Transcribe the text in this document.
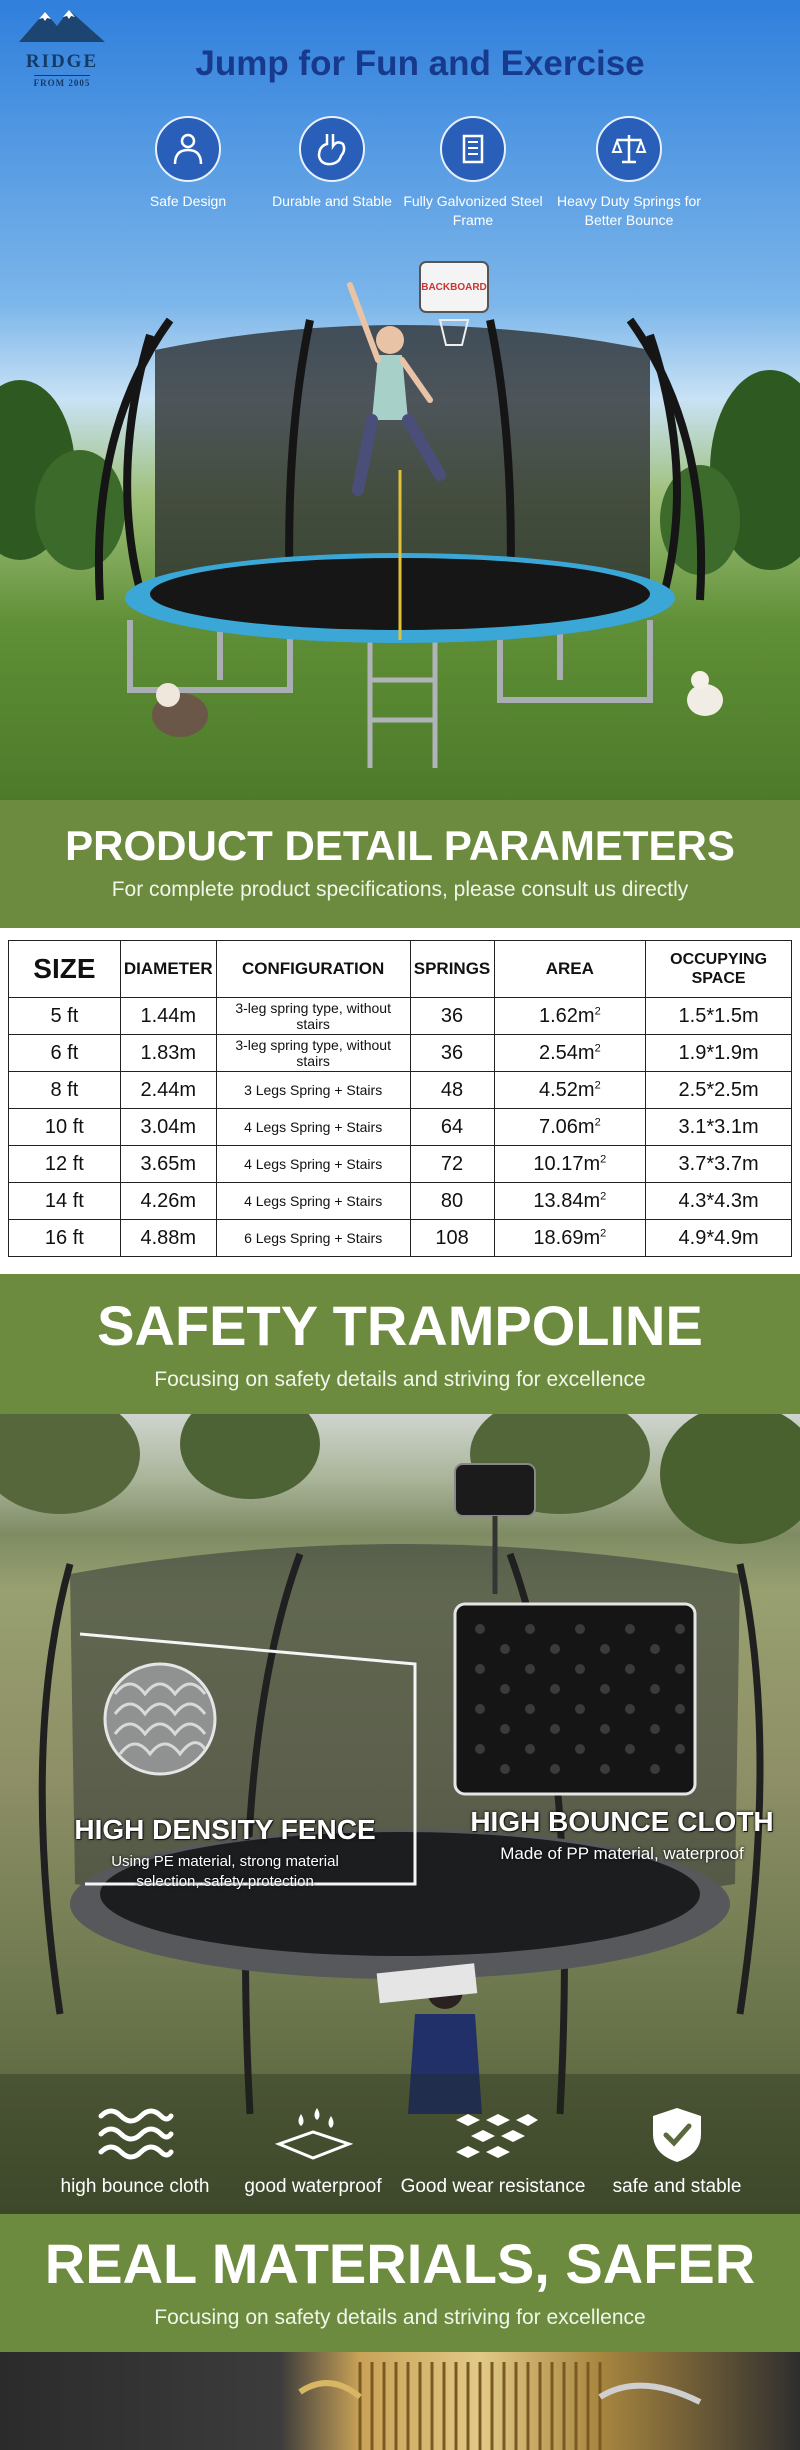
BACKBOARD
RIDGE
FROM 2005	Jump for Fun and Exercise
Safe Design	Durable and Stable Fully Galvonized Steel Frame
Heavy Duty Springs for Better Bounce
PRODUCT DETAIL PARAMETERS
For complete product specifications, please consult us directly
SIZE	DIAMETER	CONFIGURATION	SPRINGS	AREA	OCCUPYING SPACE
5 ft	1.44m	3-leg spring type, without stairs	36	$1.62m^2$	1.5*1.5m
6 ft	1.83m	3-leg spring type, without stairs	36	$2.54m^2$	1.9*1.9m
8 ft	2.44m	3 Legs Spring + Stairs	48	$4.52m^2$	2.5*2.5m
10 ft	3.04m	4 Legs Spring + Stairs	64	$7.06m^2$	3.1*3.1m
12 ft	3.65m	4 Legs Spring + Stairs	72	$10.17m^2$	3.7*3.7m
14 ft	4.26m	4 Legs Spring + Stairs	80	$13.84m^2$	4.3*4.3m
16 ft	4.88m	6 Legs Spring + Stairs	108	$18.69m^2$	4.9*4.9m
SAFETY TRAMPOLINE
Focusing on safety details and striving for excellence
HIGH DENSITY FENCE
Using PE material, strong material selection, safety protection
HIGH BOUNCE CLOTH
Made of PP material, waterproof
high bounce cloth	good waterproof Good wear resistance	safe and stable
REAL MATERIALS, SAFER
Focusing on safety details and striving for excellence
